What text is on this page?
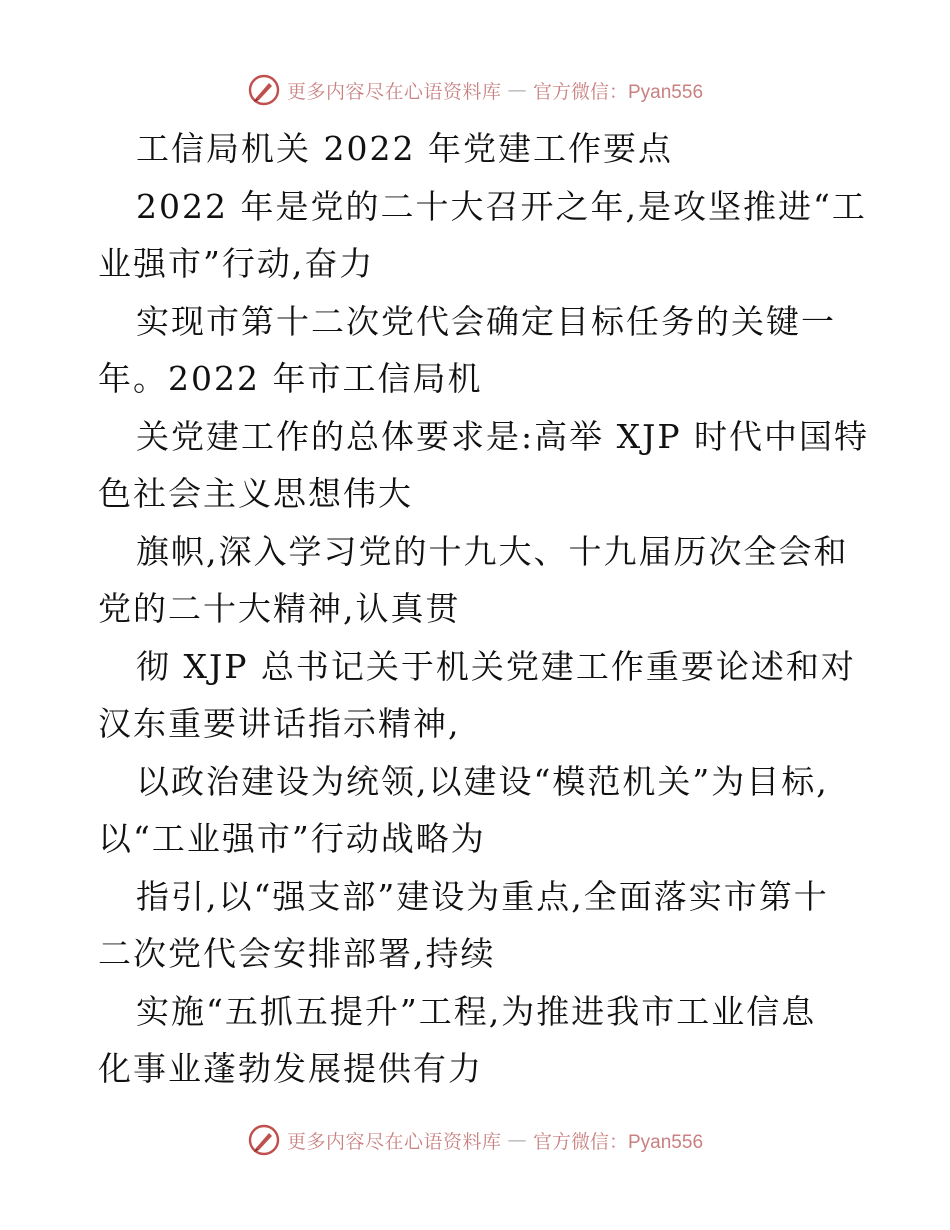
更多内容尽在心语资料库 — 官方微信：Pyan556
工信局机关 2022 年党建工作要点
2022 年是党的二十大召开之年,是攻坚推进“工
业强市”行动,奋力
实现市第十二次党代会确定目标任务的关键一
年。2022 年市工信局机
关党建工作的总体要求是:高举 XJP 时代中国特
色社会主义思想伟大
旗帜,深入学习党的十九大、十九届历次全会和
党的二十大精神,认真贯
彻 XJP 总书记关于机关党建工作重要论述和对
汉东重要讲话指示精神,
以政治建设为统领,以建设“模范机关”为目标,
以“工业强市”行动战略为
指引,以“强支部”建设为重点,全面落实市第十
二次党代会安排部署,持续
实施“五抓五提升”工程,为推进我市工业信息
化事业蓬勃发展提供有力
更多内容尽在心语资料库 — 官方微信：Pyan556
